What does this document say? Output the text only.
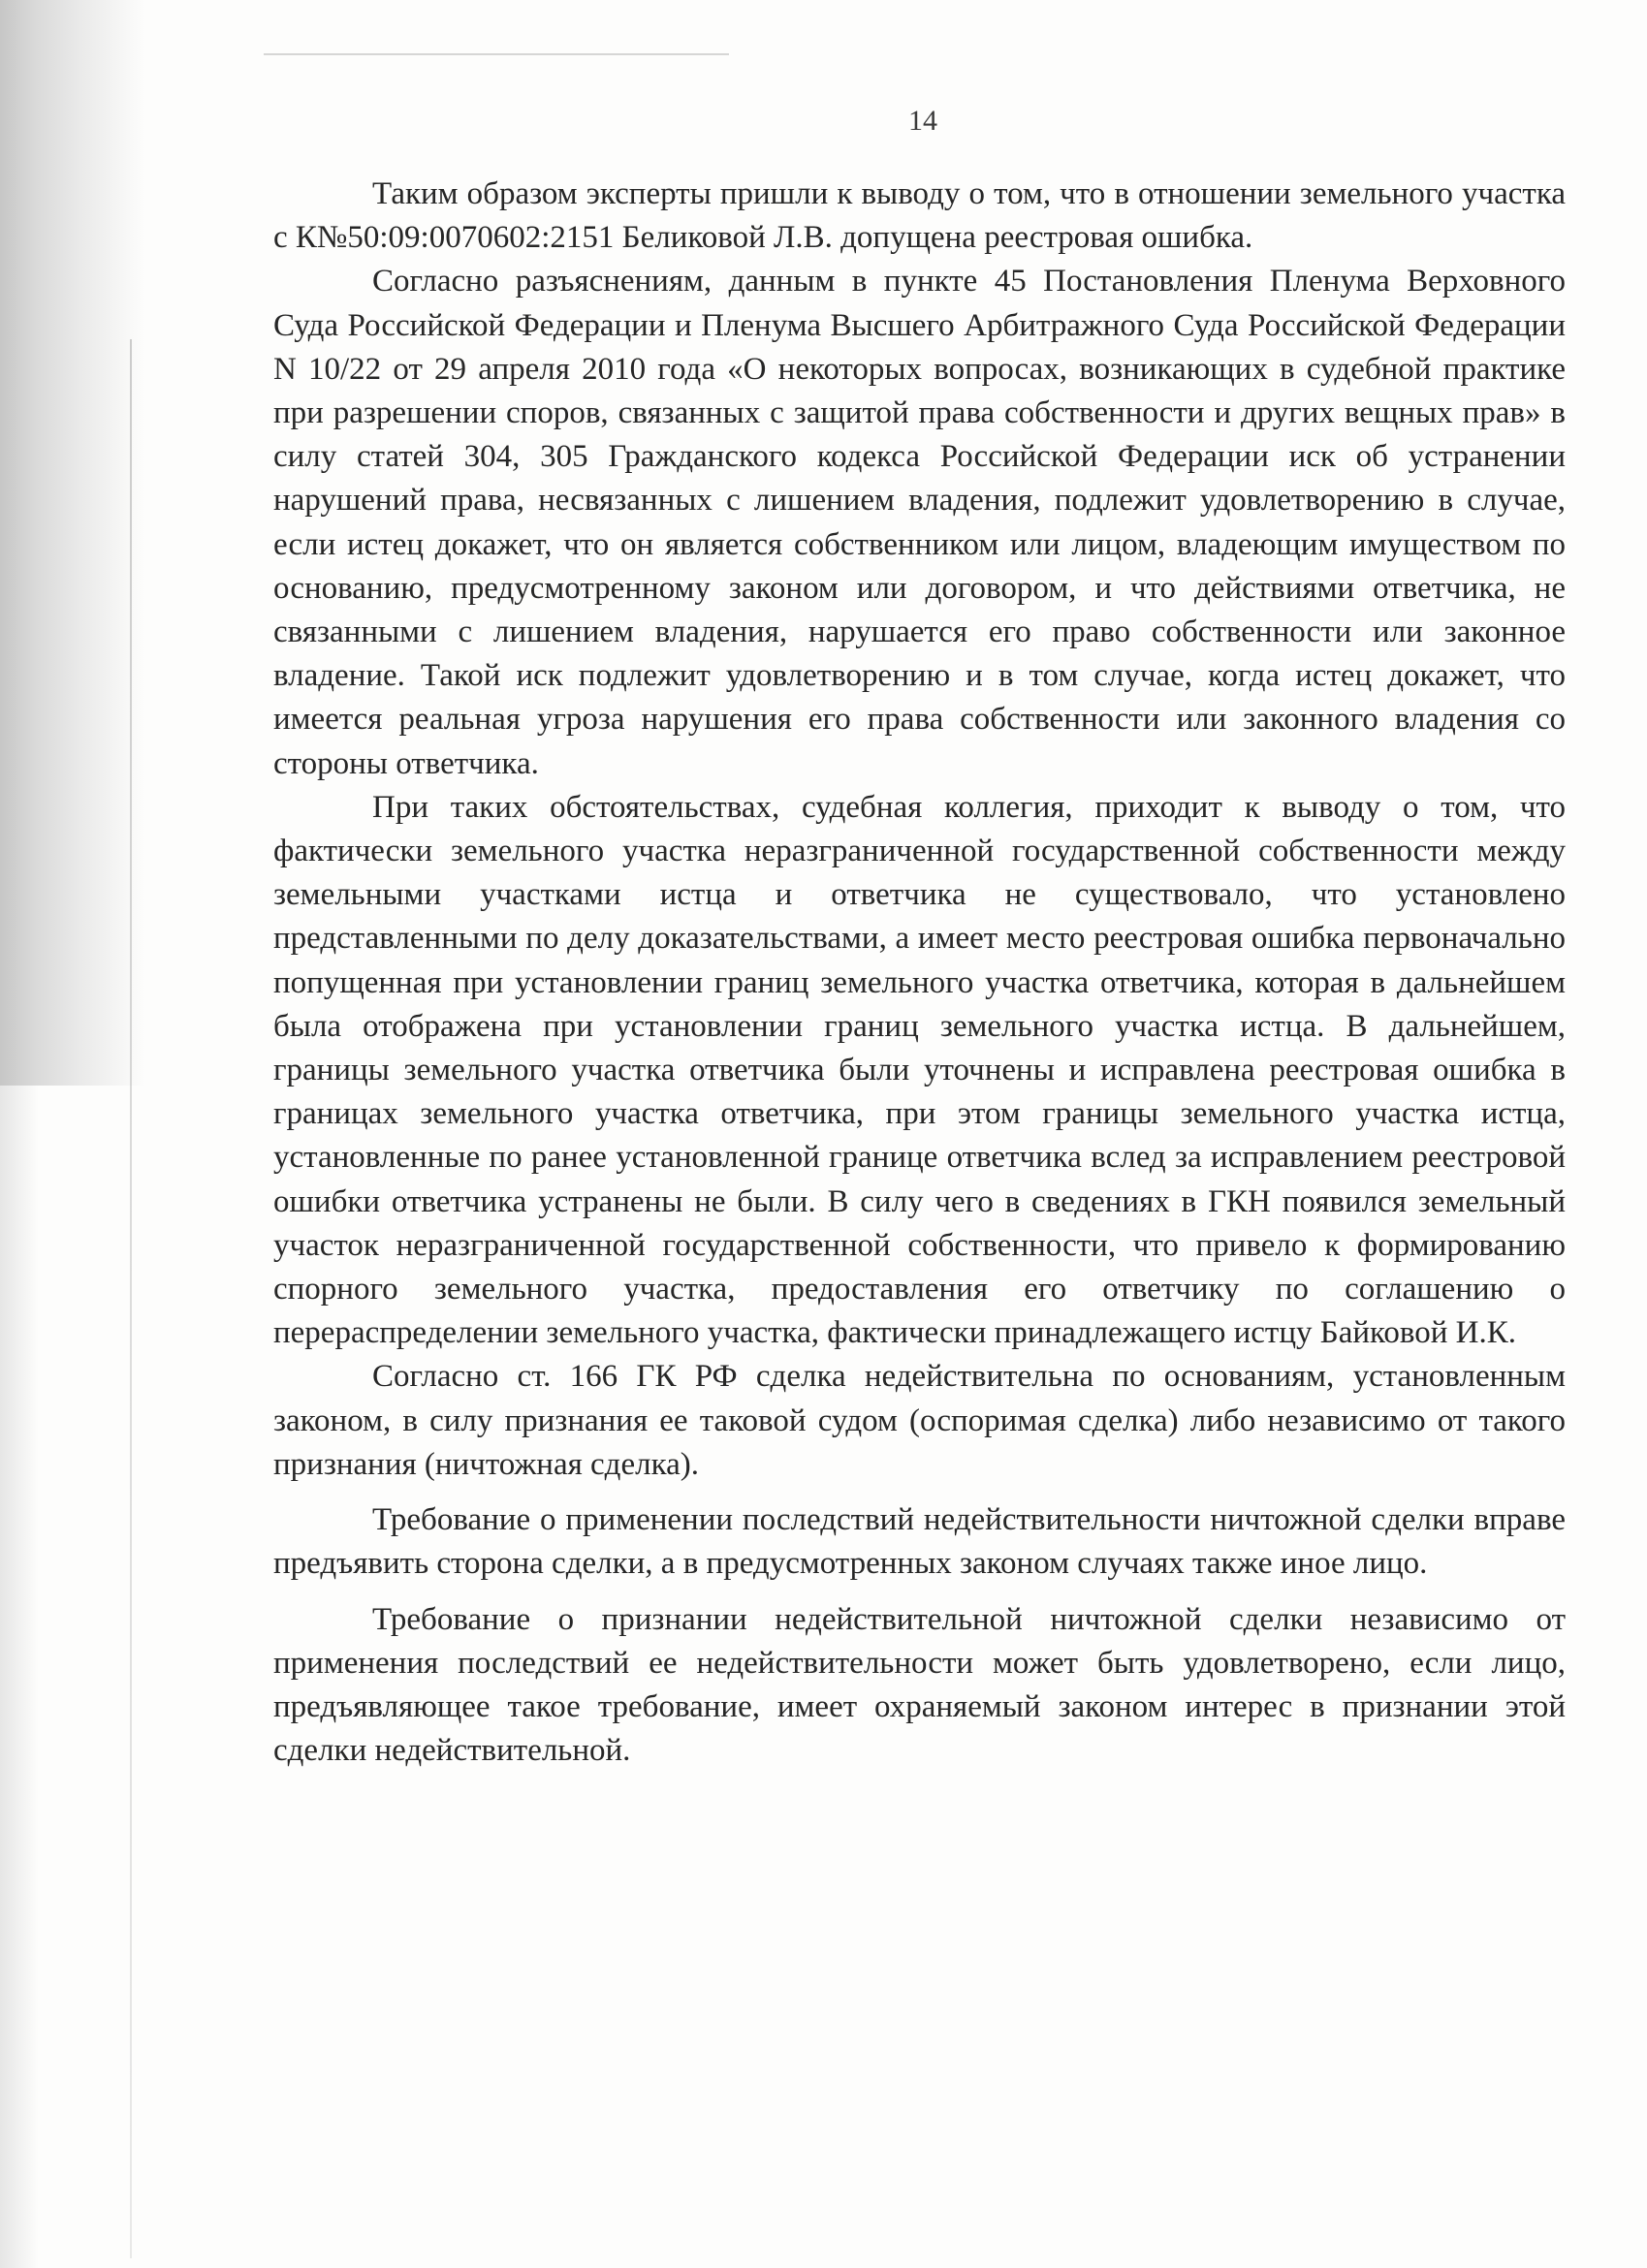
14

Таким образом эксперты пришли к выводу о том, что в отношении земельного участка с К№50:09:0070602:2151 Беликовой Л.В. допущена реестровая ошибка.

Согласно разъяснениям, данным в пункте 45 Постановления Пленума Верховного Суда Российской Федерации и Пленума Высшего Арбитражного Суда Российской Федерации N 10/22 от 29 апреля 2010 года «О некоторых вопросах, возникающих в судебной практике при разрешении споров, связанных с защитой права собственности и других вещных прав» в силу статей 304, 305 Гражданского кодекса Российской Федерации иск об устранении нарушений права, несвязанных с лишением владения, подлежит удовлетворению в случае, если истец докажет, что он является собственником или лицом, владеющим имуществом по основанию, предусмотренному законом или договором, и что действиями ответчика, не связанными с лишением владения, нарушается его право собственности или законное владение. Такой иск подлежит удовлетворению и в том случае, когда истец докажет, что имеется реальная угроза нарушения его права собственности или законного владения со стороны ответчика.

При таких обстоятельствах, судебная коллегия, приходит к выводу о том, что фактически земельного участка неразграниченной государственной собственности между земельными участками истца и ответчика не существовало, что установлено представленными по делу доказательствами, а имеет место реестровая ошибка первоначально попущенная при установлении границ земельного участка ответчика, которая в дальнейшем была отображена при установлении границ земельного участка истца. В дальнейшем, границы земельного участка ответчика были уточнены и исправлена реестровая ошибка в границах земельного участка ответчика, при этом границы земельного участка истца, установленные по ранее установленной границе ответчика вслед за исправлением реестровой ошибки ответчика устранены не были. В силу чего в сведениях в ГКН появился земельный участок неразграниченной государственной собственности, что привело к формированию спорного земельного участка, предоставления его ответчику по соглашению о перераспределении земельного участка, фактически принадлежащего истцу Байковой И.К.

Согласно ст. 166 ГК РФ сделка недействительна по основаниям, установленным законом, в силу признания ее таковой судом (оспоримая сделка) либо независимо от такого признания (ничтожная сделка).

Требование о применении последствий недействительности ничтожной сделки вправе предъявить сторона сделки, а в предусмотренных законом случаях также иное лицо.

Требование о признании недействительной ничтожной сделки независимо от применения последствий ее недействительности может быть удовлетворено, если лицо, предъявляющее такое требование, имеет охраняемый законом интерес в признании этой сделки недействительной.
